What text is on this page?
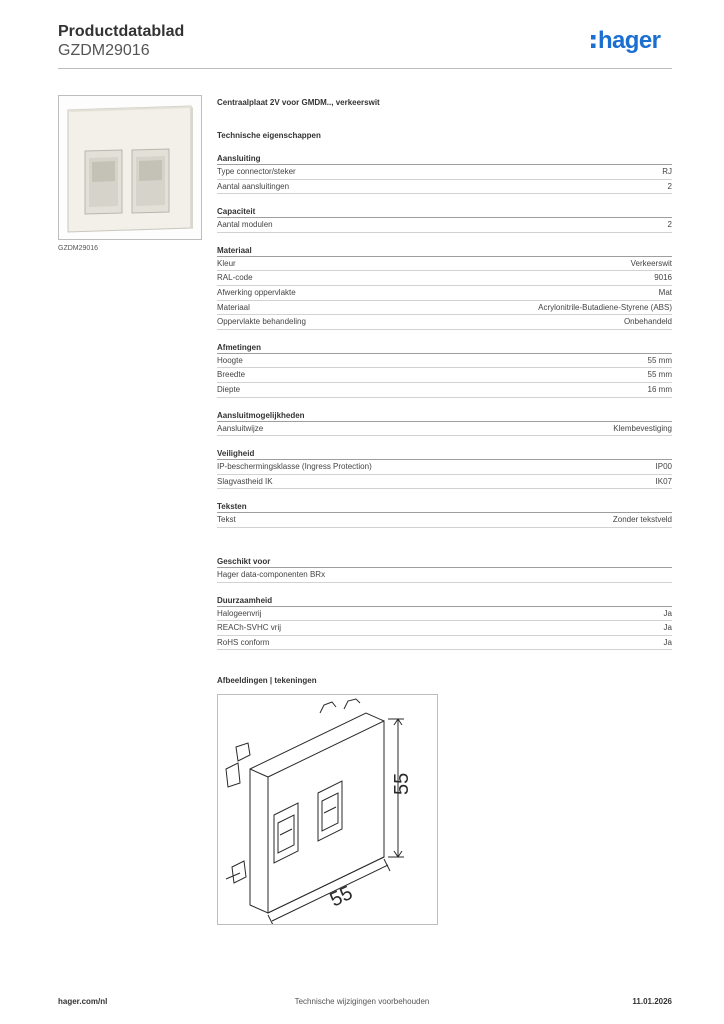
Productdatablad
GZDM29016	hager
GZDM29016
Centraalplaat 2V voor GMDM.., verkeerswit
Technische eigenschappen
Aansluiting
Type connector/steker	RJ
Aantal aansluitingen	2
Capaciteit
Aantal modulen	2
Materiaal
Kleur	Verkeerswit
RAL-code	9016
Afwerking oppervlakte	Mat
Materiaal	Acrylonitrile-Butadiene-Styrene (ABS)
Oppervlakte behandeling	Onbehandeld
Afmetingen
Hoogte	55 mm
Breedte	55 mm
Diepte	16 mm
Aansluitmogelijkheden
Aansluitwijze	Klembevestiging
Veiligheid
IP-beschermingsklasse (Ingress Protection)	IP00
Slagvastheid IK	IK07
Teksten
Tekst	Zonder tekstveld
Geschikt voor
Hager data-componenten BRx
Duurzaamheid
Halogeenvrij	Ja
REACh-SVHC vrij	Ja
RoHS conform	Ja
Afbeeldingen | tekeningen
55
55
hager.com/nl	Technische wijzigingen voorbehouden	11.01.2026
